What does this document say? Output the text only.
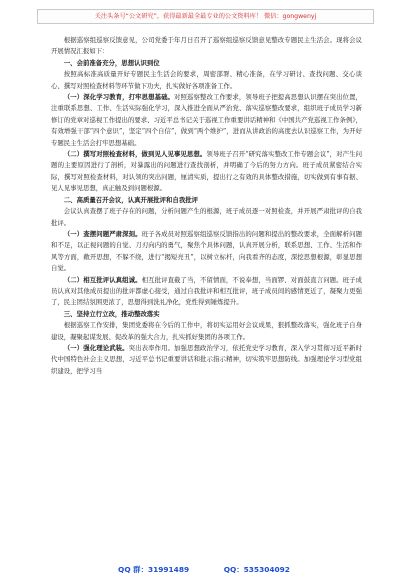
关注头条号“公文研究”，获得最新最全最专业的公文资料库！ 微信：gongwenyj

根据巡察组巡察反馈意见，公司党委于年月日召开了巡察组巡察反馈意见整改专题民主生活会。现将会议开展情况汇报如下：

一、会前准备充分，思想认识到位

按照高标准高质量开好专题民主生活会的要求，周密部署、精心准备，在学习研讨、查找问题、交心谈心、撰写对照检查材料等环节做下功夫，扎实做好各项准备工作。

（一）深化学习教育，打牢思想基础。对照巡察整改工作要求，领导班子把提高思想认识摆在突出位置，注重联系思想、工作、生活实际强化学习，深入推进全面从严治党、落实巡察整改要求，组织班子成员学习新修订的党章对巡视工作提出的要求、习近平总书记关于巡视工作重要讲话精神和《中国共产党巡视工作条例》，有效增强干部“四个意识”，坚定“四个自信”，做到“两个维护”，进而从讲政治的高度去认识巡察工作，为开好专题民主生活会打牢思想基础。

（二）撰写对照检查材料，做到见人见事见思想。领导班子召开“研究落实整改工作专题会议”，对产生问题的主要原因进行了剖析，对暴露出的问题进行查找剖析，并明确了今后的努力方向。班子成员紧密结合实际，撰写对照检查材料，对认领的突出问题，厘清实质，提出行之有效的具体整改措施，切实做到有事有据、见人见事见思想，真正触及到问题根源。

二、高质量召开会议，认真开展批评和自我批评

会议认真查摆了班子存在的问题，分析问题产生的根源，班子成员逐一对照检查，并开展严肃批评的自我批评。

（一）查摆问题严肃深刻。班子各成员对照巡察组巡察反馈指出的问题和提出的整改要求，全面解析问题和不足，以正视问题的自觉、刀刃向内的勇气，聚焦个具体问题，认真开展分析，联系思想、工作、生活和作风等方面，敞开思想，不躲不绕，进行“揭短亮丑”，以树立标杆，向我看齐的态度，深挖思想根源，彰显思想自觉。

（二）相互批评认真组诚。相互批评直截了当，不留情面，不说奉想，当面锣、对面鼓直言问题。班子成员认真对其他成员提出的批评都虚心接受，通过自我批评和相互批评，班子成员间的感情更近了，凝聚力更强了，民主团结氛围更浓了，思想得到洗礼净化，党性得到锤炼提升。

三、坚持立行立改，推动整改落实

根据巡察工作安排，集团党委将在今后的工作中，将切实运用好会议成果，狠抓整改落实，强化班子自身建设，凝聚起谋发展、促改革的强大合力，扎实抓好集团的各项工作。

（一）强化理论武装。突出表率作用。加强思想政治学习，依托党史学习教育，深入学习贯彻习近平新时代中国特色社会主义思想，习近平总书记重要讲话和批示指示精神，切实筑牢思想防线。加强理论学习型党组织建设，把学习当

QQ 群：31991489	QQ：535304092
